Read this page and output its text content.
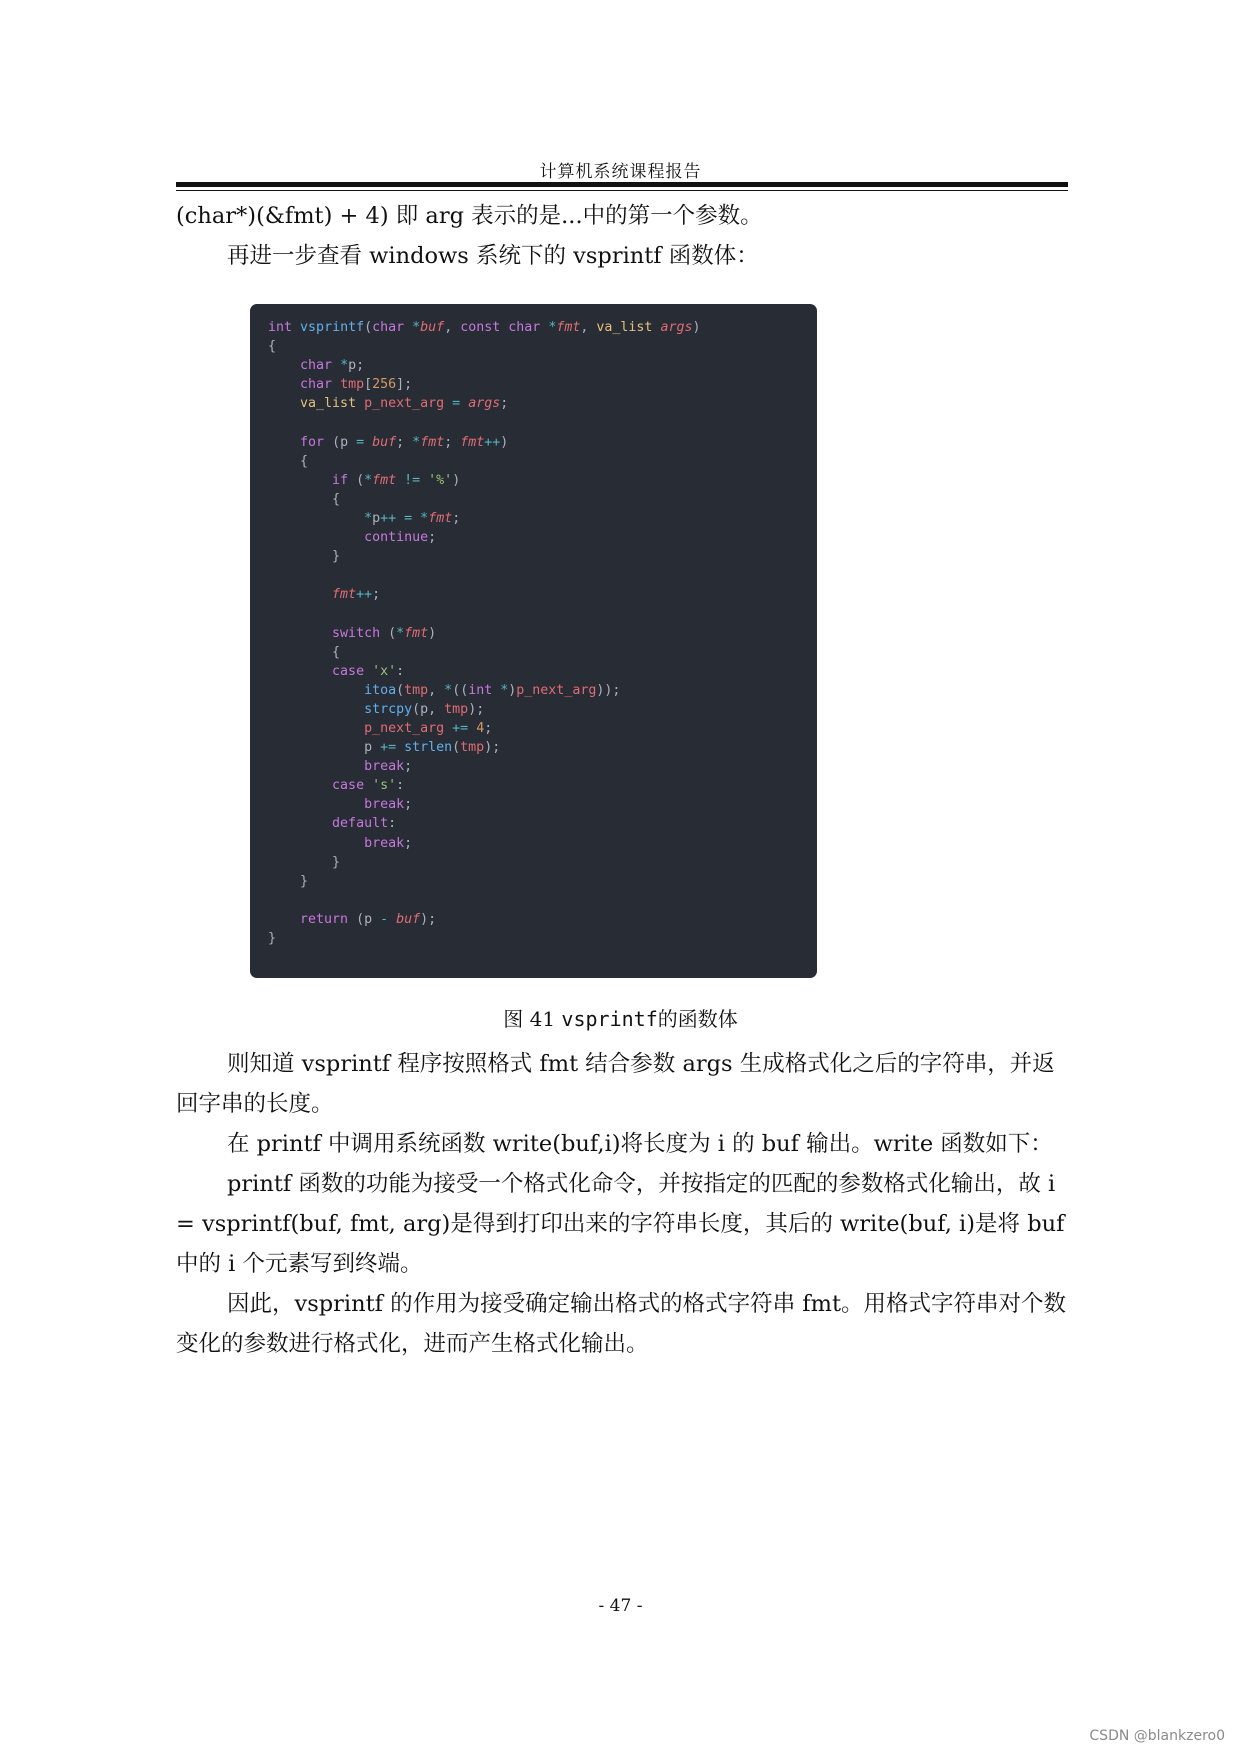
计算机系统课程报告
(char*)(&fmt) + 4) 即 arg 表示的是...中的第一个参数。
再进一步查看 windows 系统下的 vsprintf 函数体：
int vsprintf(char *buf, const char *fmt, va_list args)
{
char *p;
char tmp[256];
va_list p_next_arg = args;

for (p = buf; *fmt; fmt++)
{
if (*fmt != '%')
{
*p++ = *fmt;
continue;
}

fmt++;

switch (*fmt)
{
case 'x':
itoa(tmp, *((int *)p_next_arg));
strcpy(p, tmp);
p_next_arg += 4;
p += strlen(tmp);
break;
case 's':
break;
default:
break;
}
}

return (p - buf);
}
图 41 vsprintf的函数体
则知道 vsprintf 程序按照格式 fmt 结合参数 args 生成格式化之后的字符串，并返回字串的长度。
在 printf 中调用系统函数 write(buf,i)将长度为 i 的 buf 输出。write 函数如下：
printf 函数的功能为接受一个格式化命令，并按指定的匹配的参数格式化输出，故 i = vsprintf(buf, fmt, arg)是得到打印出来的字符串长度，其后的 write(buf, i)是将 buf 中的 i 个元素写到终端。
因此，vsprintf 的作用为接受确定输出格式的格式字符串 fmt。用格式字符串对个数变化的参数进行格式化，进而产生格式化输出。
- 47 -
CSDN @blankzero0
